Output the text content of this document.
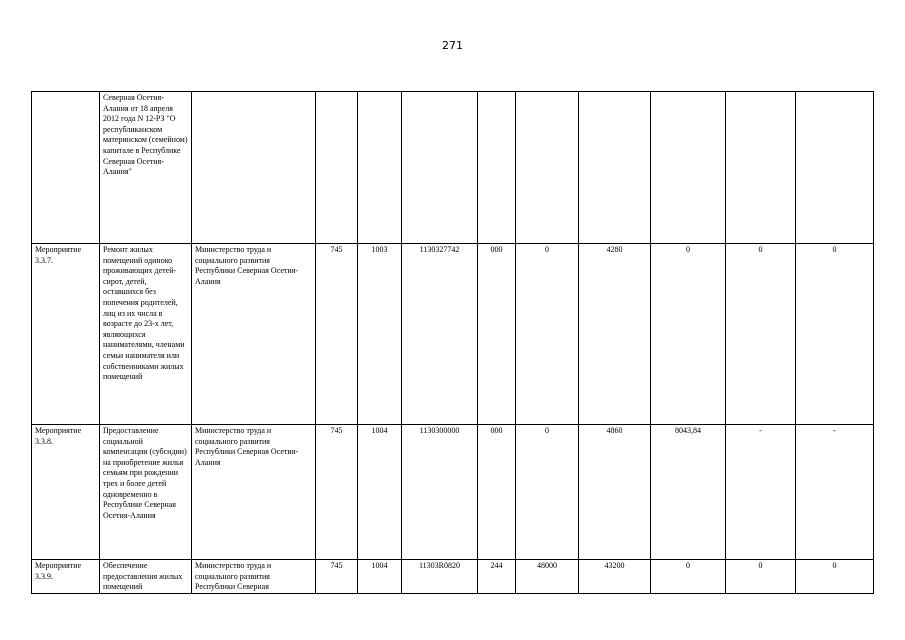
271
	Северная Осетия-Алания от 18 апреля 2012 года N 12-РЗ "О республиканском материнском (семейном) капитале в Республике Северная Осетия-Алания"										
Мероприятие 3.3.7.	Ремонт жилых помещений одиноко проживающих детей-сирот, детей, оставшихся без попечения родителей, лиц из их числа в возрасте до 23-х лет, являющихся нанимателями, членами семьи нанимателя или собственниками жилых помещений	Министерство труда и социального развития Республики Северная Осетия-Алания	745	1003	1130327742	000	0	4280	0	0	0
Мероприятие 3.3.8.	Предоставление социальной компенсации (субсидии) на приобретение жилья семьям при рождении трех и более детей одновременно в Республике Северная Осетия-Алания	Министерство труда и социального развития Республики Северная Осетия-Алания	745	1004	1130300000	000	0	4860	8043,84	-	-
Мероприятие 3.3.9.	Обеспечение предоставления жилых помещений	Министерство труда и социального развития Республики Северная	745	1004	11303R0820	244	48000	43200	0	0	0
